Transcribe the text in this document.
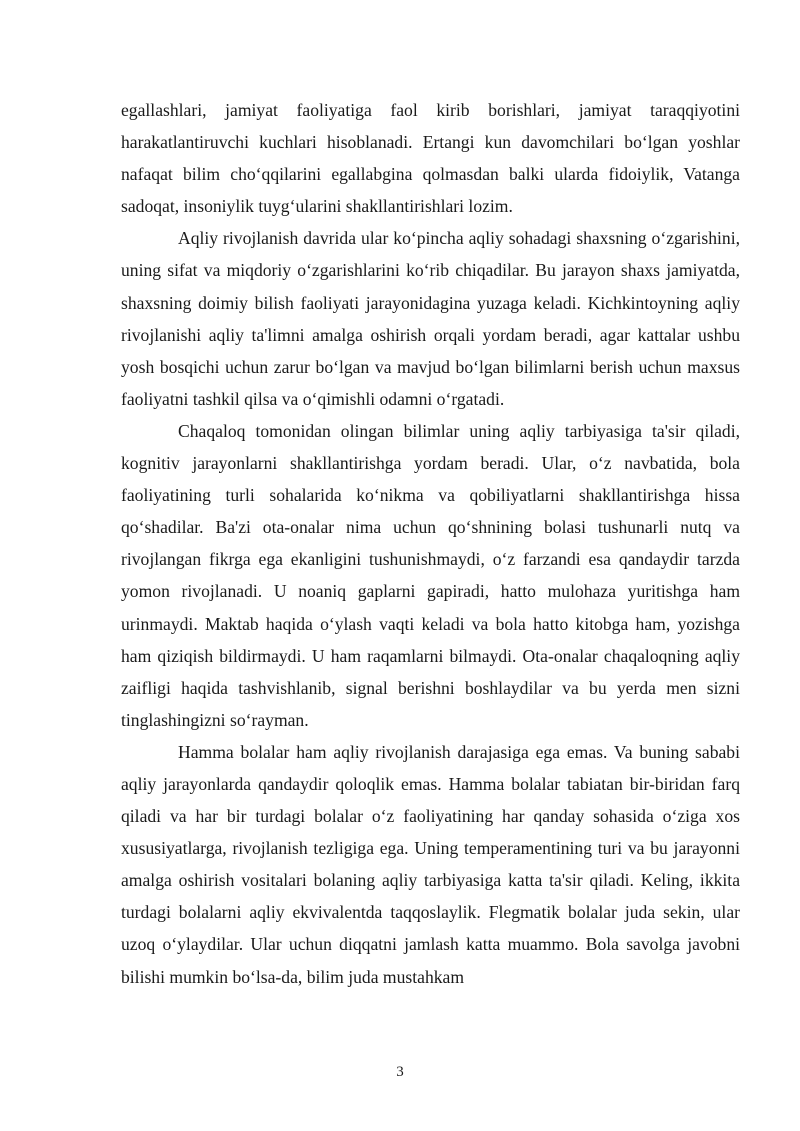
egallashlari, jamiyat faoliyatiga faol kirib borishlari, jamiyat taraqqiyotini harakatlantiruvchi kuchlari hisoblanadi. Ertangi kun davomchilari boʻlgan yoshlar nafaqat bilim choʻqqilarini egallabgina qolmasdan balki ularda fidoiylik, Vatanga sadoqat, insoniylik tuygʻularini shakllantirishlari lozim.

Aqliy rivojlanish davrida ular koʻpincha aqliy sohadagi shaxsning oʻzgarishini, uning sifat va miqdoriy oʻzgarishlarini koʻrib chiqadilar. Bu jarayon shaxs jamiyatda, shaxsning doimiy bilish faoliyati jarayonidagina yuzaga keladi. Kichkintoyning aqliy rivojlanishi aqliy ta'limni amalga oshirish orqali yordam beradi, agar kattalar ushbu yosh bosqichi uchun zarur boʻlgan va mavjud boʻlgan bilimlarni berish uchun maxsus faoliyatni tashkil qilsa va oʻqimishli odamni oʻrgatadi.

Chaqaloq tomonidan olingan bilimlar uning aqliy tarbiyasiga ta'sir qiladi, kognitiv jarayonlarni shakllantirishga yordam beradi. Ular, oʻz navbatida, bola faoliyatining turli sohalarida koʻnikma va qobiliyatlarni shakllantirishga hissa qoʻshadilar. Ba'zi ota-onalar nima uchun qoʻshnining bolasi tushunarli nutq va rivojlangan fikrga ega ekanligini tushunishmaydi, oʻz farzandi esa qandaydir tarzda yomon rivojlanadi. U noaniq gaplarni gapiradi, hatto mulohaza yuritishga ham urinmaydi. Maktab haqida oʻylash vaqti keladi va bola hatto kitobga ham, yozishga ham qiziqish bildirmaydi. U ham raqamlarni bilmaydi. Ota-onalar chaqaloqning aqliy zaifligi haqida tashvishlanib, signal berishni boshlaydilar va bu yerda men sizni tinglashingizni soʻrayman.

Hamma bolalar ham aqliy rivojlanish darajasiga ega emas. Va buning sababi aqliy jarayonlarda qandaydir qoloqlik emas. Hamma bolalar tabiatan bir-biridan farq qiladi va har bir turdagi bolalar oʻz faoliyatining har qanday sohasida oʻziga xos xususiyatlarga, rivojlanish tezligiga ega. Uning temperamentining turi va bu jarayonni amalga oshirish vositalari bolaning aqliy tarbiyasiga katta ta'sir qiladi. Keling, ikkita turdagi bolalarni aqliy ekvivalentda taqqoslaylik. Flegmatik bolalar juda sekin, ular uzoq oʻylaydilar. Ular uchun diqqatni jamlash katta muammo. Bola savolga javobni bilishi mumkin boʻlsa-da, bilim juda mustahkam

3
